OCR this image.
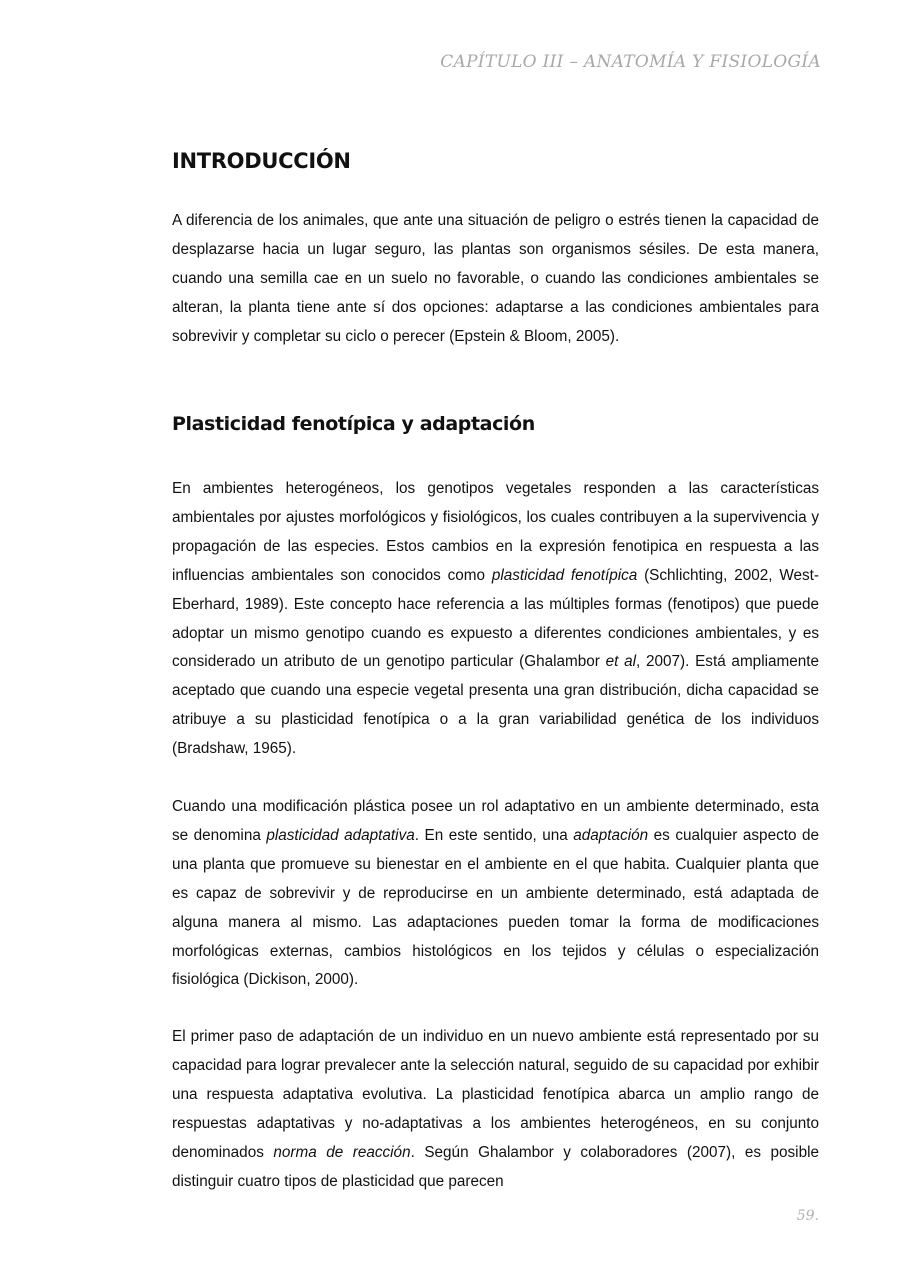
CAPÍTULO III – ANATOMÍA Y FISIOLOGÍA
INTRODUCCIÓN

A diferencia de los animales, que ante una situación de peligro o estrés tienen la capacidad de desplazarse hacia un lugar seguro, las plantas son organismos sésiles. De esta manera, cuando una semilla cae en un suelo no favorable, o cuando las condiciones ambientales se alteran, la planta tiene ante sí dos opciones: adaptarse a las condiciones ambientales para sobrevivir y completar su ciclo o perecer (Epstein & Bloom, 2005).

Plasticidad fenotípica y adaptación

En ambientes heterogéneos, los genotipos vegetales responden a las características ambientales por ajustes morfológicos y fisiológicos, los cuales contribuyen a la supervivencia y propagación de las especies. Estos cambios en la expresión fenotipica en respuesta a las influencias ambientales son conocidos como plasticidad fenotípica (Schlichting, 2002, West-Eberhard, 1989). Este concepto hace referencia a las múltiples formas (fenotipos) que puede adoptar un mismo genotipo cuando es expuesto a diferentes condiciones ambientales, y es considerado un atributo de un genotipo particular (Ghalambor et al, 2007). Está ampliamente aceptado que cuando una especie vegetal presenta una gran distribución, dicha capacidad se atribuye a su plasticidad fenotípica o a la gran variabilidad genética de los individuos (Bradshaw, 1965).

Cuando una modificación plástica posee un rol adaptativo en un ambiente determinado, esta se denomina plasticidad adaptativa. En este sentido, una adaptación es cualquier aspecto de una planta que promueve su bienestar en el ambiente en el que habita. Cualquier planta que es capaz de sobrevivir y de reproducirse en un ambiente determinado, está adaptada de alguna manera al mismo. Las adaptaciones pueden tomar la forma de modificaciones morfológicas externas, cambios histológicos en los tejidos y células o especialización fisiológica (Dickison, 2000).

El primer paso de adaptación de un individuo en un nuevo ambiente está representado por su capacidad para lograr prevalecer ante la selección natural, seguido de su capacidad por exhibir una respuesta adaptativa evolutiva. La plasticidad fenotípica abarca un amplio rango de respuestas adaptativas y no-adaptativas a los ambientes heterogéneos, en su conjunto denominados norma de reacción. Según Ghalambor y colaboradores (2007), es posible distinguir cuatro tipos de plasticidad que parecen

59.
